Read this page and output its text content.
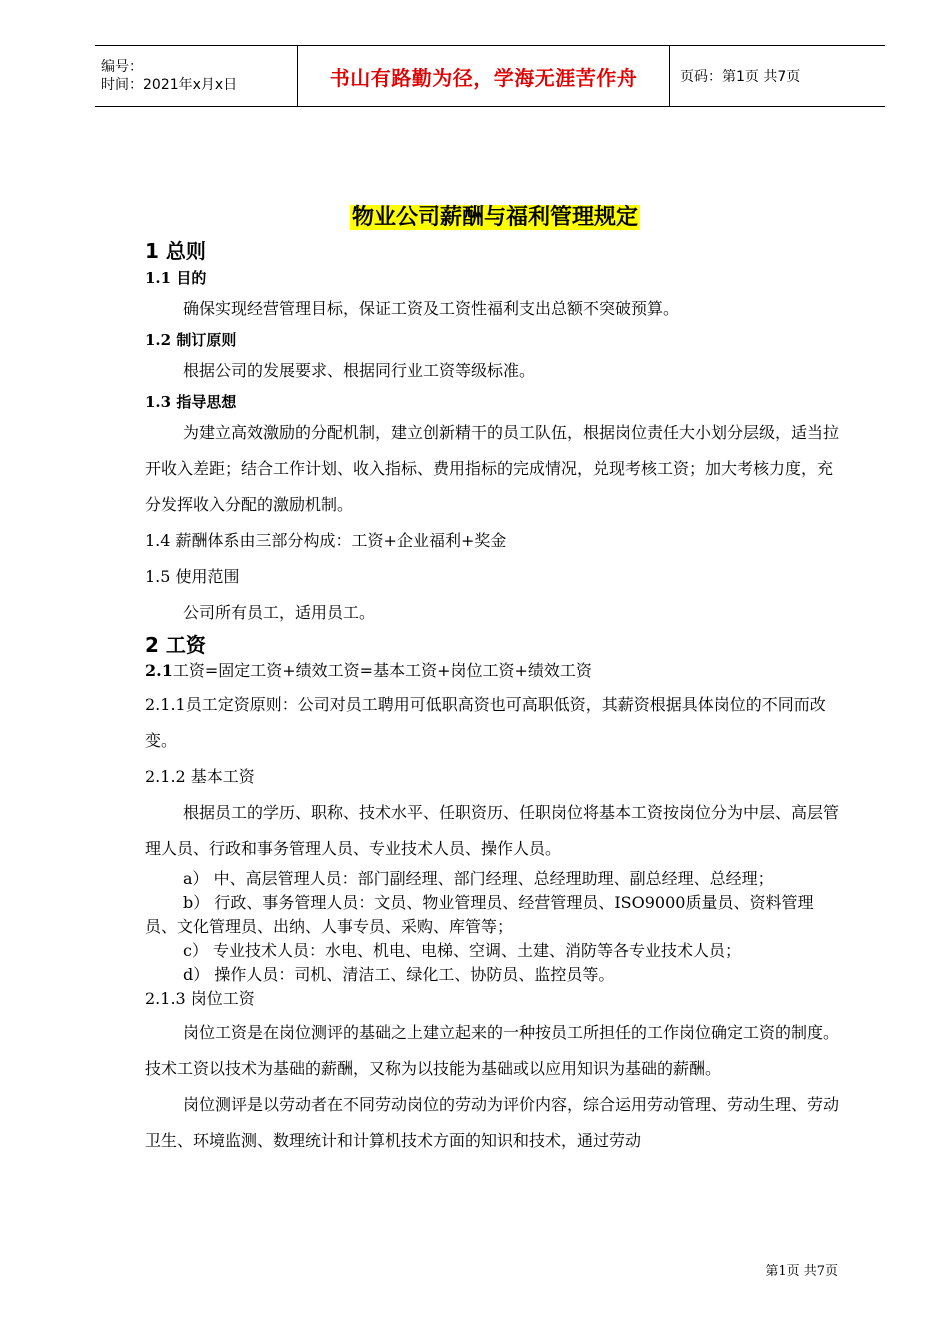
编号：
时间：2021年x月x日	书山有路勤为径，学海无涯苦作舟	页码：第1页 共7页
物业公司薪酬与福利管理规定
1 总则
1.1 目的
确保实现经营管理目标，保证工资及工资性福利支出总额不突破预算。
1.2 制订原则
根据公司的发展要求、根据同行业工资等级标准。
1.3 指导思想
为建立高效激励的分配机制，建立创新精干的员工队伍，根据岗位责任大小划分层级，适当拉开收入差距；结合工作计划、收入指标、费用指标的完成情况，兑现考核工资；加大考核力度，充分发挥收入分配的激励机制。
1.4 薪酬体系由三部分构成：工资+企业福利+奖金
1.5 使用范围
公司所有员工，适用员工。
2 工资
2.1工资=固定工资+绩效工资=基本工资+岗位工资+绩效工资
2.1.1员工定资原则：公司对员工聘用可低职高资也可高职低资，其薪资根据具体岗位的不同而改变。
2.1.2 基本工资
根据员工的学历、职称、技术水平、任职资历、任职岗位将基本工资按岗位分为中层、高层管理人员、行政和事务管理人员、专业技术人员、操作人员。
a） 中、高层管理人员：部门副经理、部门经理、总经理助理、副总经理、总经理；
b） 行政、事务管理人员：文员、物业管理员、经营管理员、ISO9000质量员、资料管理员、文化管理员、出纳、人事专员、采购、库管等；
c） 专业技术人员：水电、机电、电梯、空调、土建、消防等各专业技术人员；
d） 操作人员：司机、清洁工、绿化工、协防员、监控员等。
2.1.3 岗位工资
岗位工资是在岗位测评的基础之上建立起来的一种按员工所担任的工作岗位确定工资的制度。技术工资以技术为基础的薪酬，又称为以技能为基础或以应用知识为基础的薪酬。
岗位测评是以劳动者在不同劳动岗位的劳动为评价内容，综合运用劳动管理、劳动生理、劳动卫生、环境监测、数理统计和计算机技术方面的知识和技术，通过劳动
第1页 共7页
